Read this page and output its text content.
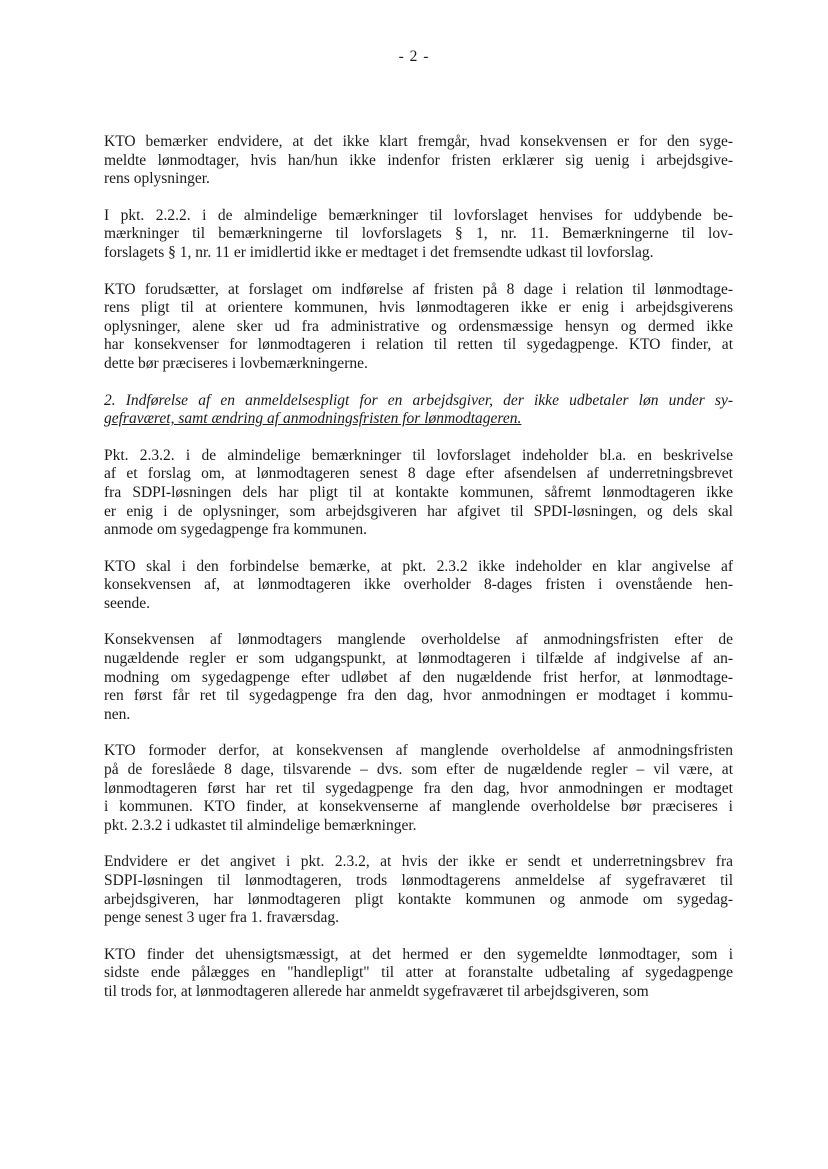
- 2 -
KTO bemærker endvidere, at det ikke klart fremgår, hvad konsekvensen er for den syge-
meldte lønmodtager, hvis han/hun ikke indenfor fristen erklærer sig uenig i arbejdsgive-
rens oplysninger.
I pkt. 2.2.2. i de almindelige bemærkninger til lovforslaget henvises for uddybende be-
mærkninger til bemærkningerne til lovforslagets § 1, nr. 11. Bemærkningerne til lov-
forslagets § 1, nr. 11 er imidlertid ikke er medtaget i det fremsendte udkast til lovforslag.
KTO forudsætter, at forslaget om indførelse af fristen på 8 dage i relation til lønmodtage-
rens pligt til at orientere kommunen, hvis lønmodtageren ikke er enig i arbejdsgiverens
oplysninger, alene sker ud fra administrative og ordensmæssige hensyn og dermed ikke
har konsekvenser for lønmodtageren i relation til retten til sygedagpenge. KTO finder, at
dette bør præciseres i lovbemærkningerne.
2. Indførelse af en anmeldelsespligt for en arbejdsgiver, der ikke udbetaler løn under sy-
gefraværet, samt ændring af anmodningsfristen for lønmodtageren.
Pkt. 2.3.2. i de almindelige bemærkninger til lovforslaget indeholder bl.a. en beskrivelse
af et forslag om, at lønmodtageren senest 8 dage efter afsendelsen af underretningsbrevet
fra SDPI-løsningen dels har pligt til at kontakte kommunen, såfremt lønmodtageren ikke
er enig i de oplysninger, som arbejdsgiveren har afgivet til SPDI-løsningen, og dels skal
anmode om sygedagpenge fra kommunen.
KTO skal i den forbindelse bemærke, at pkt. 2.3.2 ikke indeholder en klar angivelse af
konsekvensen af, at lønmodtageren ikke overholder 8-dages fristen i ovenstående hen-
seende.
Konsekvensen af lønmodtagers manglende overholdelse af anmodningsfristen efter de
nugældende regler er som udgangspunkt, at lønmodtageren i tilfælde af indgivelse af an-
modning om sygedagpenge efter udløbet af den nugældende frist herfor, at lønmodtage-
ren først får ret til sygedagpenge fra den dag, hvor anmodningen er modtaget i kommu-
nen.
KTO formoder derfor, at konsekvensen af manglende overholdelse af anmodningsfristen
på de foreslåede 8 dage, tilsvarende – dvs. som efter de nugældende regler – vil være, at
lønmodtageren først har ret til sygedagpenge fra den dag, hvor anmodningen er modtaget
i kommunen. KTO finder, at konsekvenserne af manglende overholdelse bør præciseres i
pkt. 2.3.2 i udkastet til almindelige bemærkninger.
Endvidere er det angivet i pkt. 2.3.2, at hvis der ikke er sendt et underretningsbrev fra
SDPI-løsningen til lønmodtageren, trods lønmodtagerens anmeldelse af sygefraværet til
arbejdsgiveren, har lønmodtageren pligt kontakte kommunen og anmode om sygedag-
penge senest 3 uger fra 1. fraværsdag.
KTO finder det uhensigtsmæssigt, at det hermed er den sygemeldte lønmodtager, som i
sidste ende pålægges en "handlepligt" til atter at foranstalte udbetaling af sygedagpenge
til trods for, at lønmodtageren allerede har anmeldt sygefraværet til arbejdsgiveren, som
